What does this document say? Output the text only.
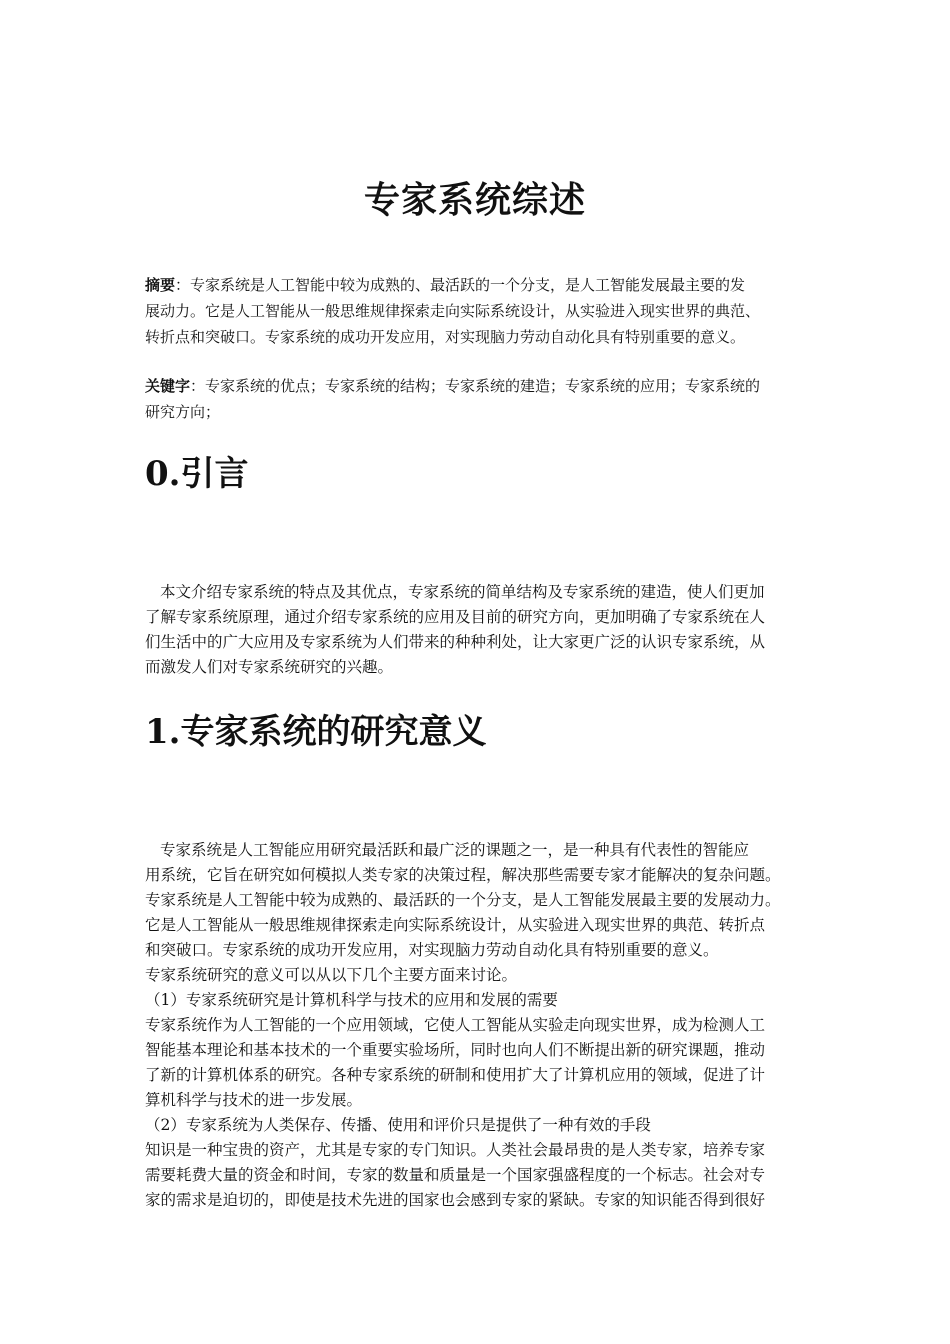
专家系统综述
摘要：专家系统是人工智能中较为成熟的、最活跃的一个分支，是人工智能发展最主要的发
展动力。它是人工智能从一般思维规律探索走向实际系统设计，从实验进入现实世界的典范、
转折点和突破口。专家系统的成功开发应用，对实现脑力劳动自动化具有特别重要的意义。
关键字：专家系统的优点；专家系统的结构；专家系统的建造；专家系统的应用；专家系统的
研究方向；
0.引言
本文介绍专家系统的特点及其优点，专家系统的简单结构及专家系统的建造，使人们更加
了解专家系统原理，通过介绍专家系统的应用及目前的研究方向，更加明确了专家系统在人
们生活中的广大应用及专家系统为人们带来的种种利处，让大家更广泛的认识专家系统，从
而激发人们对专家系统研究的兴趣。
1.专家系统的研究意义
专家系统是人工智能应用研究最活跃和最广泛的课题之一，是一种具有代表性的智能应
用系统，它旨在研究如何模拟人类专家的决策过程，解决那些需要专家才能解决的复杂问题。
专家系统是人工智能中较为成熟的、最活跃的一个分支，是人工智能发展最主要的发展动力。
它是人工智能从一般思维规律探索走向实际系统设计，从实验进入现实世界的典范、转折点
和突破口。专家系统的成功开发应用，对实现脑力劳动自动化具有特别重要的意义。
专家系统研究的意义可以从以下几个主要方面来讨论。
（1）专家系统研究是计算机科学与技术的应用和发展的需要
专家系统作为人工智能的一个应用领域，它使人工智能从实验走向现实世界，成为检测人工
智能基本理论和基本技术的一个重要实验场所，同时也向人们不断提出新的研究课题，推动
了新的计算机体系的研究。各种专家系统的研制和使用扩大了计算机应用的领域，促进了计
算机科学与技术的进一步发展。
（2）专家系统为人类保存、传播、使用和评价只是提供了一种有效的手段
知识是一种宝贵的资产，尤其是专家的专门知识。人类社会最昂贵的是人类专家，培养专家
需要耗费大量的资金和时间，专家的数量和质量是一个国家强盛程度的一个标志。社会对专
家的需求是迫切的，即使是技术先进的国家也会感到专家的紧缺。专家的知识能否得到很好
